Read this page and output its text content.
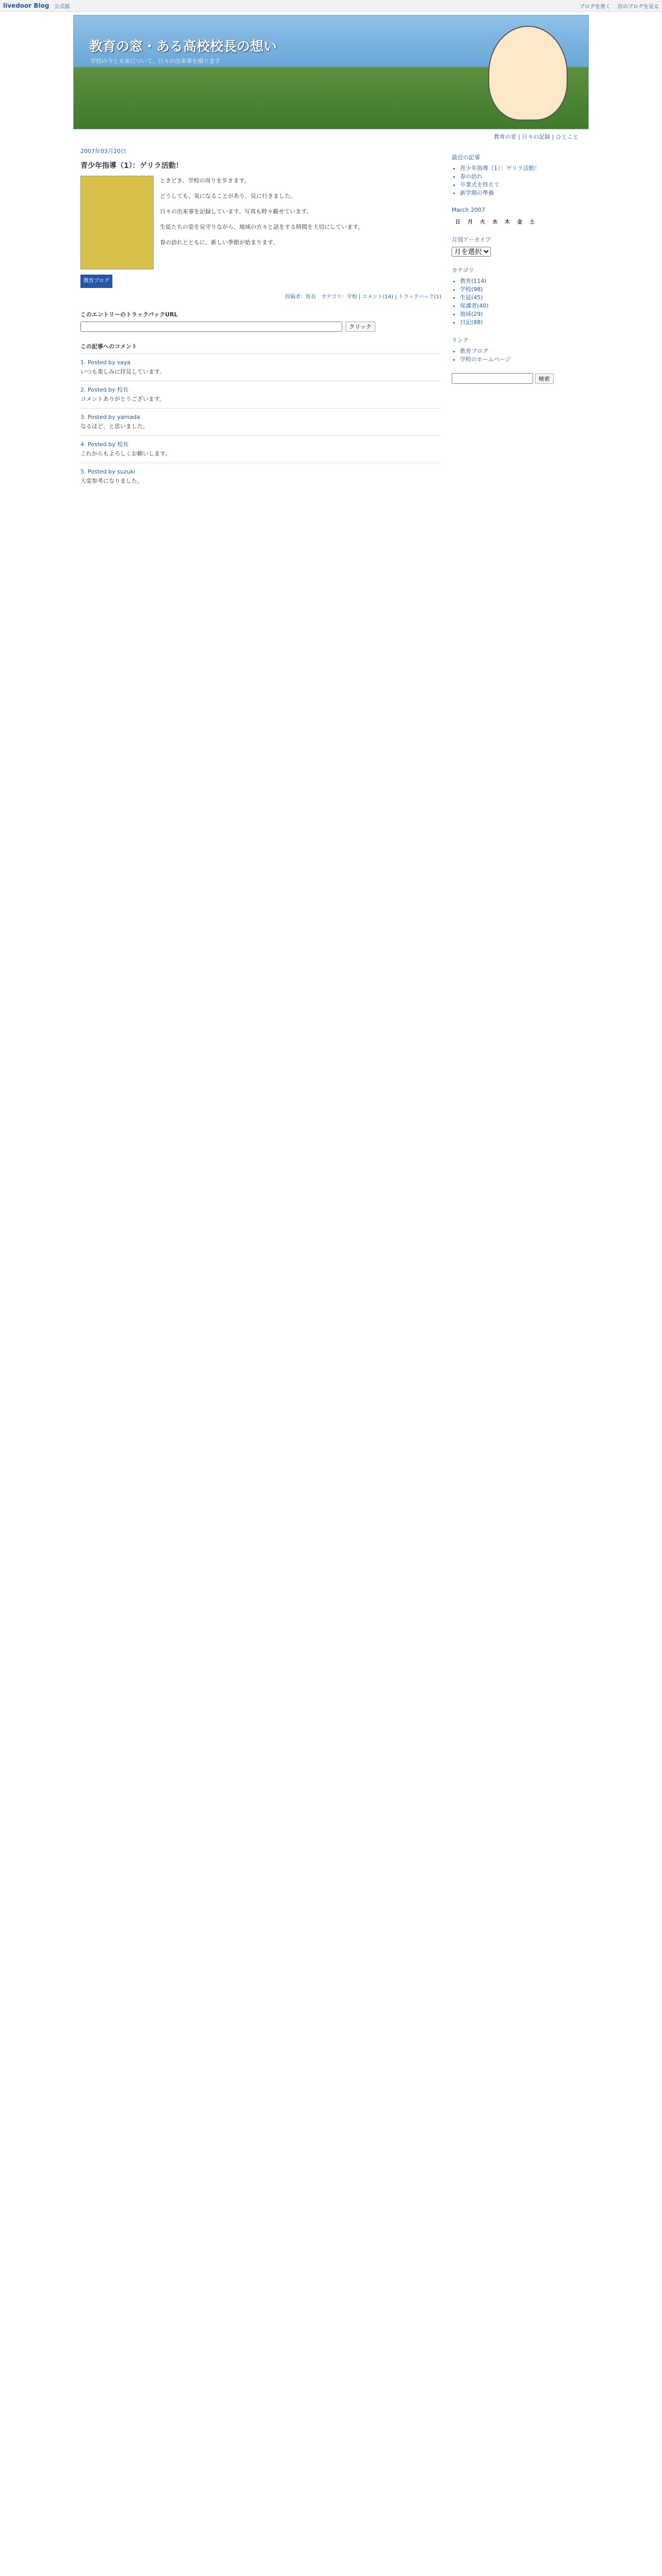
livedoor Blog 公式版	ブログを書く 次のブログを見る
教育の窓・ある高校校長の想い
学校の今と未来について、日々の出来事を綴ります
教育の窓 | 日々の記録 | ひとこと
2007年03月20日
青少年指導（1）：ゲリラ活動！

ときどき、学校の周りを歩きます。

どうしても、気になることがあり、見に行きました。

日々の出来事を記録しています。写真も時々載せています。

生徒たちの姿を見守りながら、地域の方々と話をする時間を大切にしています。

春の訪れとともに、新しい季節が始まります。

教育ブログ
投稿者：校長　カテゴリ：学校 | コメント(14) | トラックバック(1)
このエントリーのトラックバックURL
クリック
この記事へのコメント
1. Posted by saya
いつも楽しみに拝見しています。
2. Posted by 校長
コメントありがとうございます。
3. Posted by yamada
なるほど、と思いました。
4. Posted by 校長
これからもよろしくお願いします。
5. Posted by suzuki
大変参考になりました。
最近の記事
• 青少年指導（1）：ゲリラ活動！
• 春の訪れ
• 卒業式を終えて
• 新学期の準備
March 2007
日	月	火	水	木	金	土
月別アーカイブ
月を選択
カテゴリ
• 教育(114)
• 学校(98)
• 生徒(45)
• 保護者(40)
• 地域(29)
• 日記(88)
リンク
• 教育ブログ
• 学校のホームページ
検索
